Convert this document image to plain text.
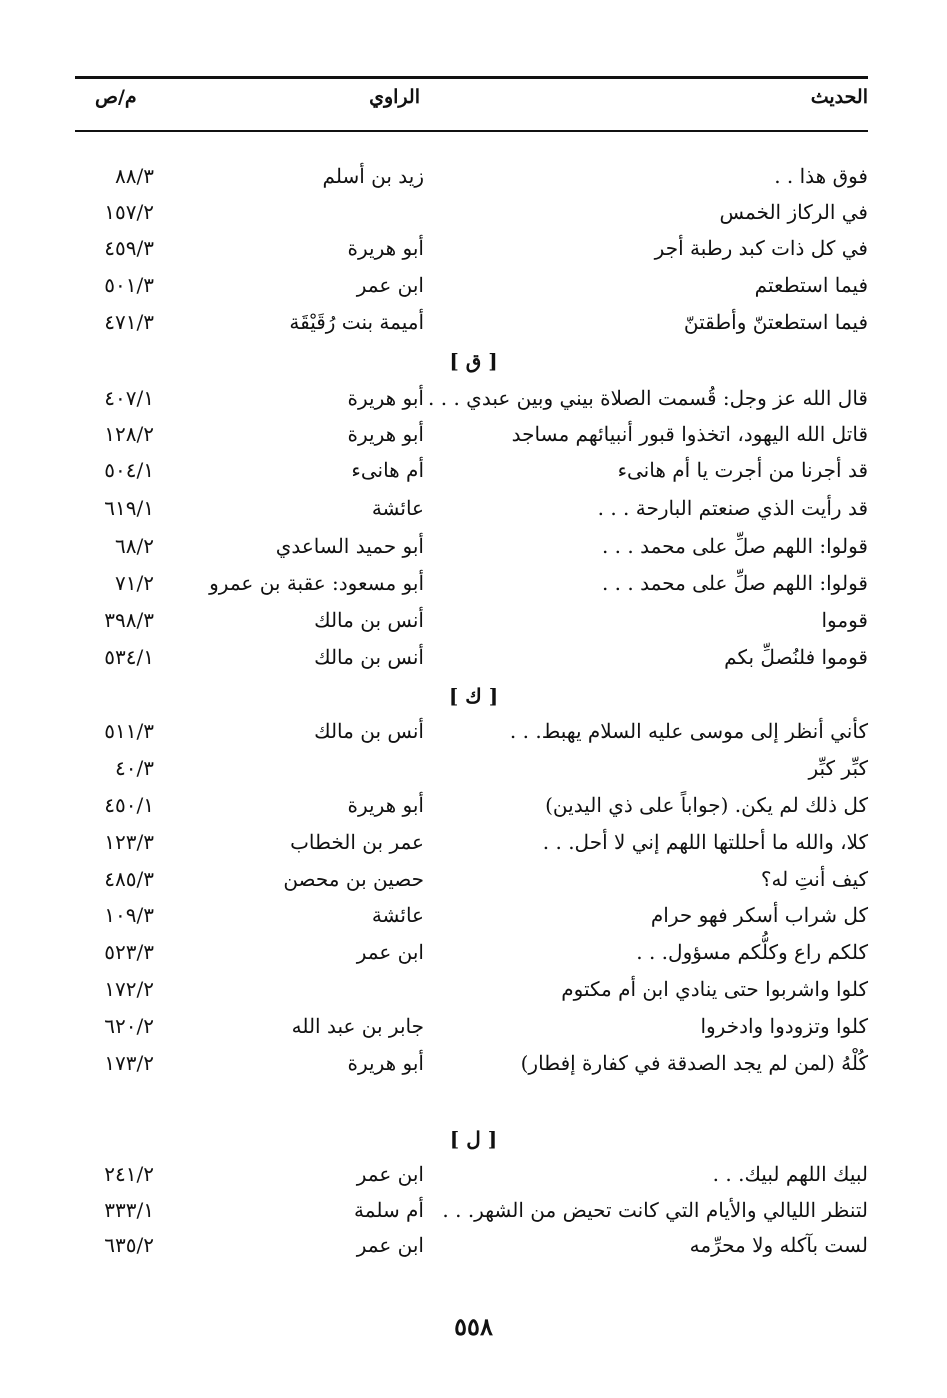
الحديث
الراوي
م/ص
فوق هذا . .
زيد بن أسلم
٨٨/٣
في الركاز الخمس
١٥٧/٢
في كل ذات كبد رطبة أجر
أبو هريرة
٤٥٩/٣
فيما استطعتم
ابن عمر
٥٠١/٣
فيما استطعتنّ وأطقتنّ
أميمة بنت رُقَيْقَة
٤٧١/٣
[ ق ]
قال الله عز وجل: قُسمت الصلاة بيني وبين عبدي . . .
أبو هريرة
٤٠٧/١
قاتل الله اليهود، اتخذوا قبور أنبيائهم مساجد
أبو هريرة
١٢٨/٢
قد أجرنا من أجرت يا أم هانىء
أم هانىء
٥٠٤/١
قد رأيت الذي صنعتم البارحة . . .
عائشة
٦١٩/١
قولوا: اللهم صلِّ على محمد . . .
أبو حميد الساعدي
٦٨/٢
قولوا: اللهم صلِّ على محمد . . .
أبو مسعود: عقبة بن عمرو
٧١/٢
قوموا
أنس بن مالك
٣٩٨/٣
قوموا فلنُصلِّ بكم
أنس بن مالك
٥٣٤/١
[ ك ]
كأني أنظر إلى موسى عليه السلام يهبط. . .
أنس بن مالك
٥١١/٣
كبِّر كبِّر
٤٠/٣
كل ذلك لم يكن. (جواباً على ذي اليدين)
أبو هريرة
٤٥٠/١
كلا، والله ما أحللتها اللهم إني لا أحل. . .
عمر بن الخطاب
١٢٣/٣
كيف أنتِ له؟
حصين بن محصن
٤٨٥/٣
كل شراب أسكر فهو حرام
عائشة
١٠٩/٣
كلكم راع وكلُّكم مسؤول. . .
ابن عمر
٥٢٣/٣
كلوا واشربوا حتى ينادي ابن أم مكتوم
١٧٢/٢
كلوا وتزودوا وادخروا
جابر بن عبد الله
٦٢٠/٢
كُلْهُ (لمن لم يجد الصدقة في كفارة إفطار)
أبو هريرة
١٧٣/٢
[ ل ]
لبيك اللهم لبيك. . .
ابن عمر
٢٤١/٢
لتنظر الليالي والأيام التي كانت تحيض من الشهر. . .
أم سلمة
٣٣٣/١
لست بآكله ولا محرِّمه
ابن عمر
٦٣٥/٢
٥٥٨
